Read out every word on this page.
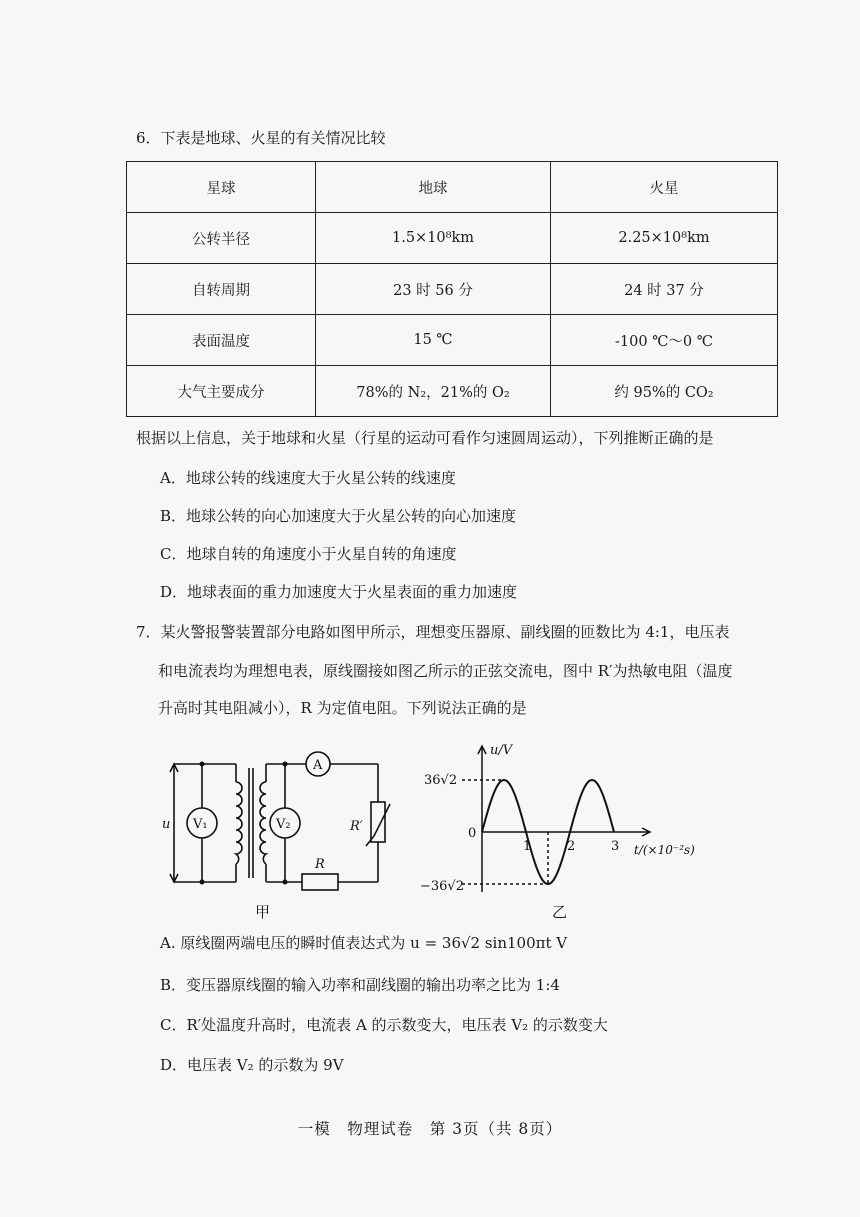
6．下表是地球、火星的有关情况比较
星球	地球	火星
公转半径	1.5×10⁸km	2.25×10⁸km
自转周期	23 时 56 分	24 时 37 分
表面温度	15 ℃	-100 ℃～0 ℃
大气主要成分	78%的 N₂，21%的 O₂	约 95%的 CO₂
根据以上信息，关于地球和火星（行星的运动可看作匀速圆周运动），下列推断正确的是
A．地球公转的线速度大于火星公转的线速度
B．地球公转的向心加速度大于火星公转的向心加速度
C．地球自转的角速度小于火星自转的角速度
D．地球表面的重力加速度大于火星表面的重力加速度
7．某火警报警装置部分电路如图甲所示，理想变压器原、副线圈的匝数比为 4:1，电压表
和电流表均为理想电表，原线圈接如图乙所示的正弦交流电，图中 R′为热敏电阻（温度
升高时其电阻减小），R 为定值电阻。下列说法正确的是
u V₁	V₂
A
R′
R
甲
u/V
36√2
−36√2
0
1	2	3 t/(×10⁻²s)
乙
A. 原线圈两端电压的瞬时值表达式为 u = 36√2 sin100πt V
B．变压器原线圈的输入功率和副线圈的输出功率之比为 1:4
C．R′处温度升高时，电流表 A 的示数变大，电压表 V₂ 的示数变大
D．电压表 V₂ 的示数为 9V
一模　物理试卷　第 3页（共 8页）
